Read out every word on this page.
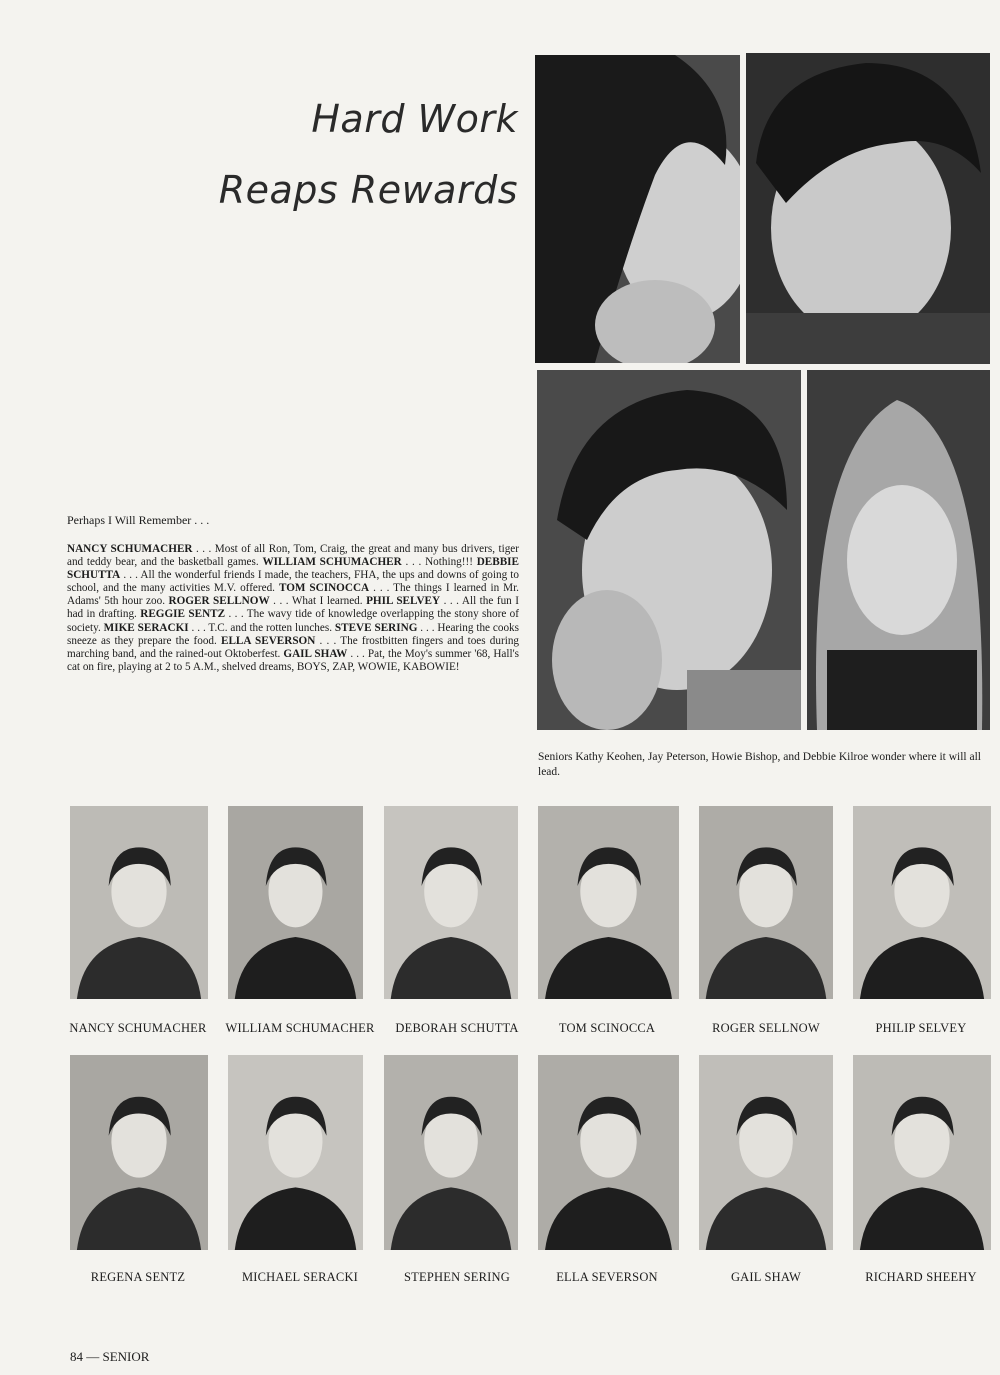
Hard Work
Reaps Rewards
Perhaps I Will Remember . . .
NANCY SCHUMACHER . . . Most of all Ron, Tom, Craig, the great and many bus drivers, tiger and teddy bear, and the basketball games. WILLIAM SCHUMACHER . . . Nothing!!! DEBBIE SCHUTTA . . . All the wonderful friends I made, the teachers, FHA, the ups and downs of going to school, and the many activities M.V. offered. TOM SCINOCCA . . . The things I learned in Mr. Adams' 5th hour zoo. ROGER SELLNOW . . . What I learned. PHIL SELVEY . . . All the fun I had in drafting. REGGIE SENTZ . . . The wavy tide of knowledge overlapping the stony shore of society. MIKE SERACKI . . . T.C. and the rotten lunches. STEVE SERING . . . Hearing the cooks sneeze as they prepare the food. ELLA SEVERSON . . . The frostbitten fingers and toes during marching band, and the rained-out Oktoberfest. GAIL SHAW . . . Pat, the Moy's summer '68, Hall's cat on fire, playing at 2 to 5 A.M., shelved dreams, BOYS, ZAP, WOWIE, KABOWIE!
Seniors Kathy Keohen, Jay Peterson, Howie Bishop, and Debbie Kilroe wonder where it will all lead.
NANCY SCHUMACHER	WILLIAM SCHUMACHER	DEBORAH SCHUTTA	TOM SCINOCCA	ROGER SELLNOW	PHILIP SELVEY
REGENA SENTZ	MICHAEL SERACKI	STEPHEN SERING	ELLA SEVERSON	GAIL SHAW	RICHARD SHEEHY
84 — SENIOR
